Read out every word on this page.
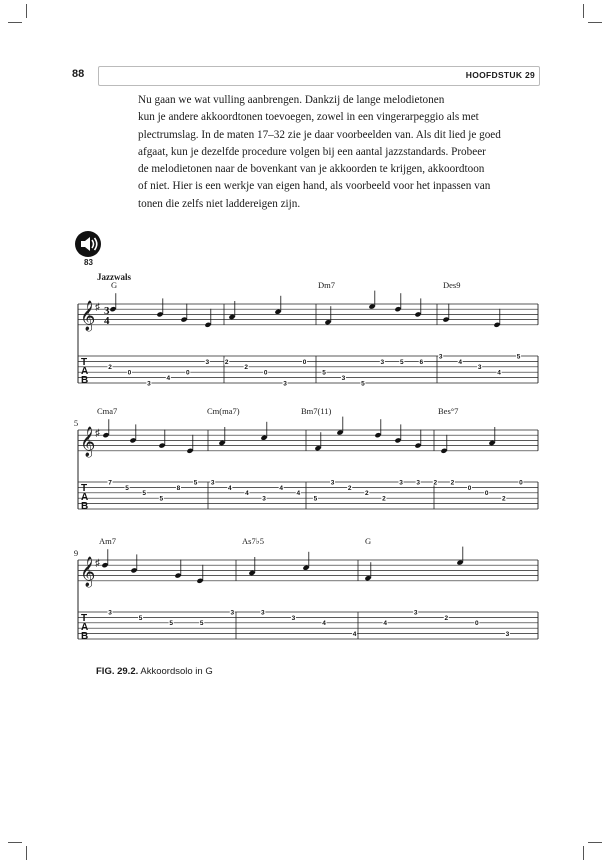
88	HOOFDSTUK 29
Nu gaan we wat vulling aanbrengen. Dankzij de lange melodietonen
kun je andere akkoordtonen toevoegen, zowel in een vingerarpeggio als met
plectrumslag. In de maten 17–32 zie je daar voorbeelden van. Als dit lied je goed
afgaat, kun je dezelfde procedure volgen bij een aantal jazzstandards. Probeer
de melodietonen naar de bovenkant van je akkoorden te krijgen, akkoordtoon
of niet. Hier is een werkje van eigen hand, als voorbeeld voor het inpassen van
tonen die zelfs niet laddereigen zijn.
83
𝄞 ♯ 3
4
Jazzwals
T
A
B
G	Dm7	Des9
2
0
3
4
0
3 2
2
0
3
0
5
3
5
3 5 6
3
4
3
4
5
𝄞 ♯
5
T
A
B
Cma7	Cm(ma7)	Bm7(11)	Bes°7
7
5
5
5
8
5 3
4
4
3
4
4
5
3
2
2
2
3 3 2 2
0
0
2
0
𝄞 ♯
9
T
A
B
Am7	As7♭5	G
3
5
5	5
3	3
3
4
4
4
3
2
0
3
FIG. 29.2. Akkoordsolo in G
